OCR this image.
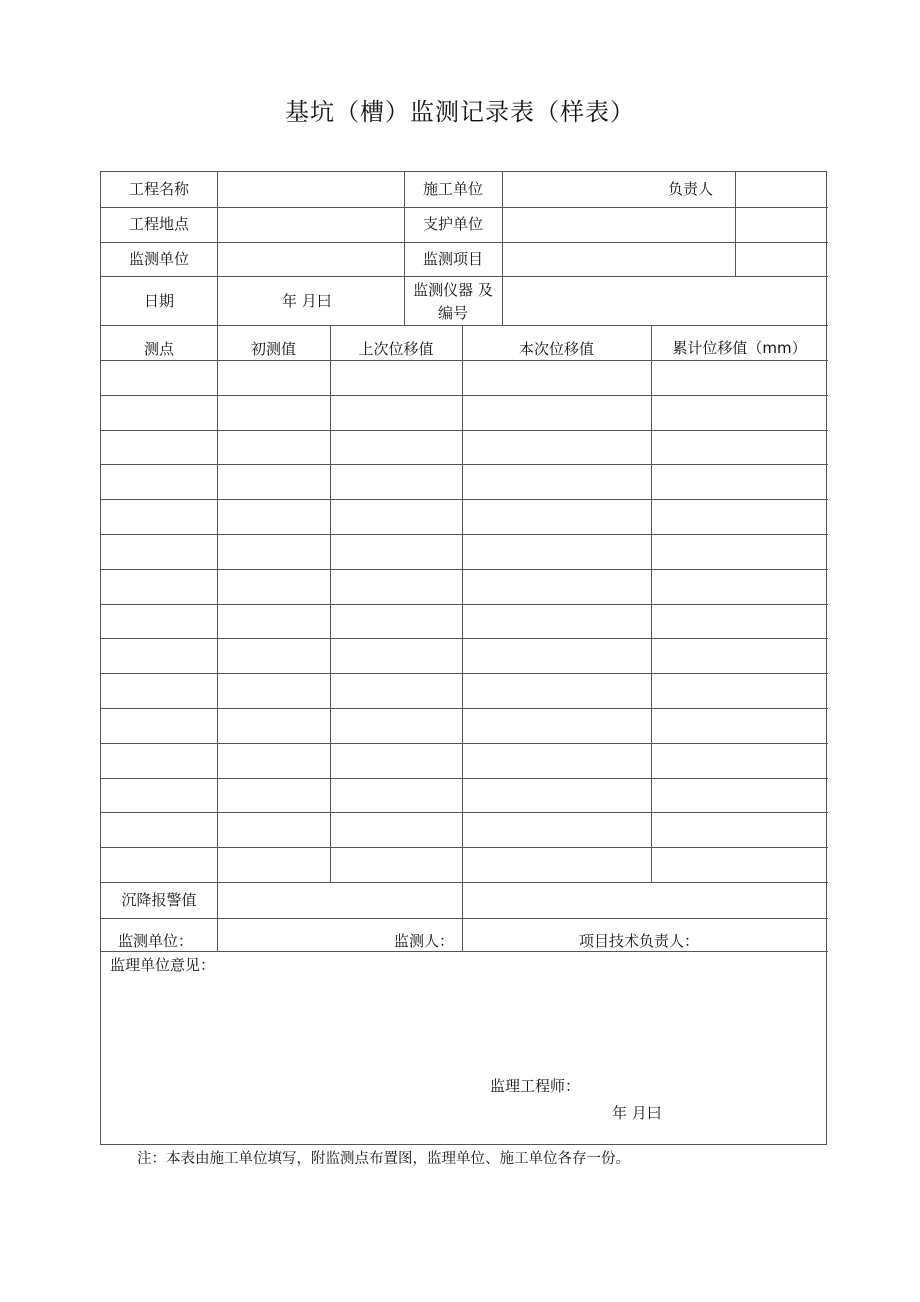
基坑（槽）监测记录表（样表）
工程名称	施工单位	负责人
工程地点	支护单位
监测单位	监测项目
日期	年 月曰
监测仪器 及
编号
测点	初测值	上次位移值	本次位移值	累计位移值（mm）
沉降报警值
监测单位：	监测人：	项目技术负责人：
监理单位意见：
监理工程师：
年 月曰
注：本表由施工单位填写，附监测点布置图，监理单位、施工单位各存一份。
